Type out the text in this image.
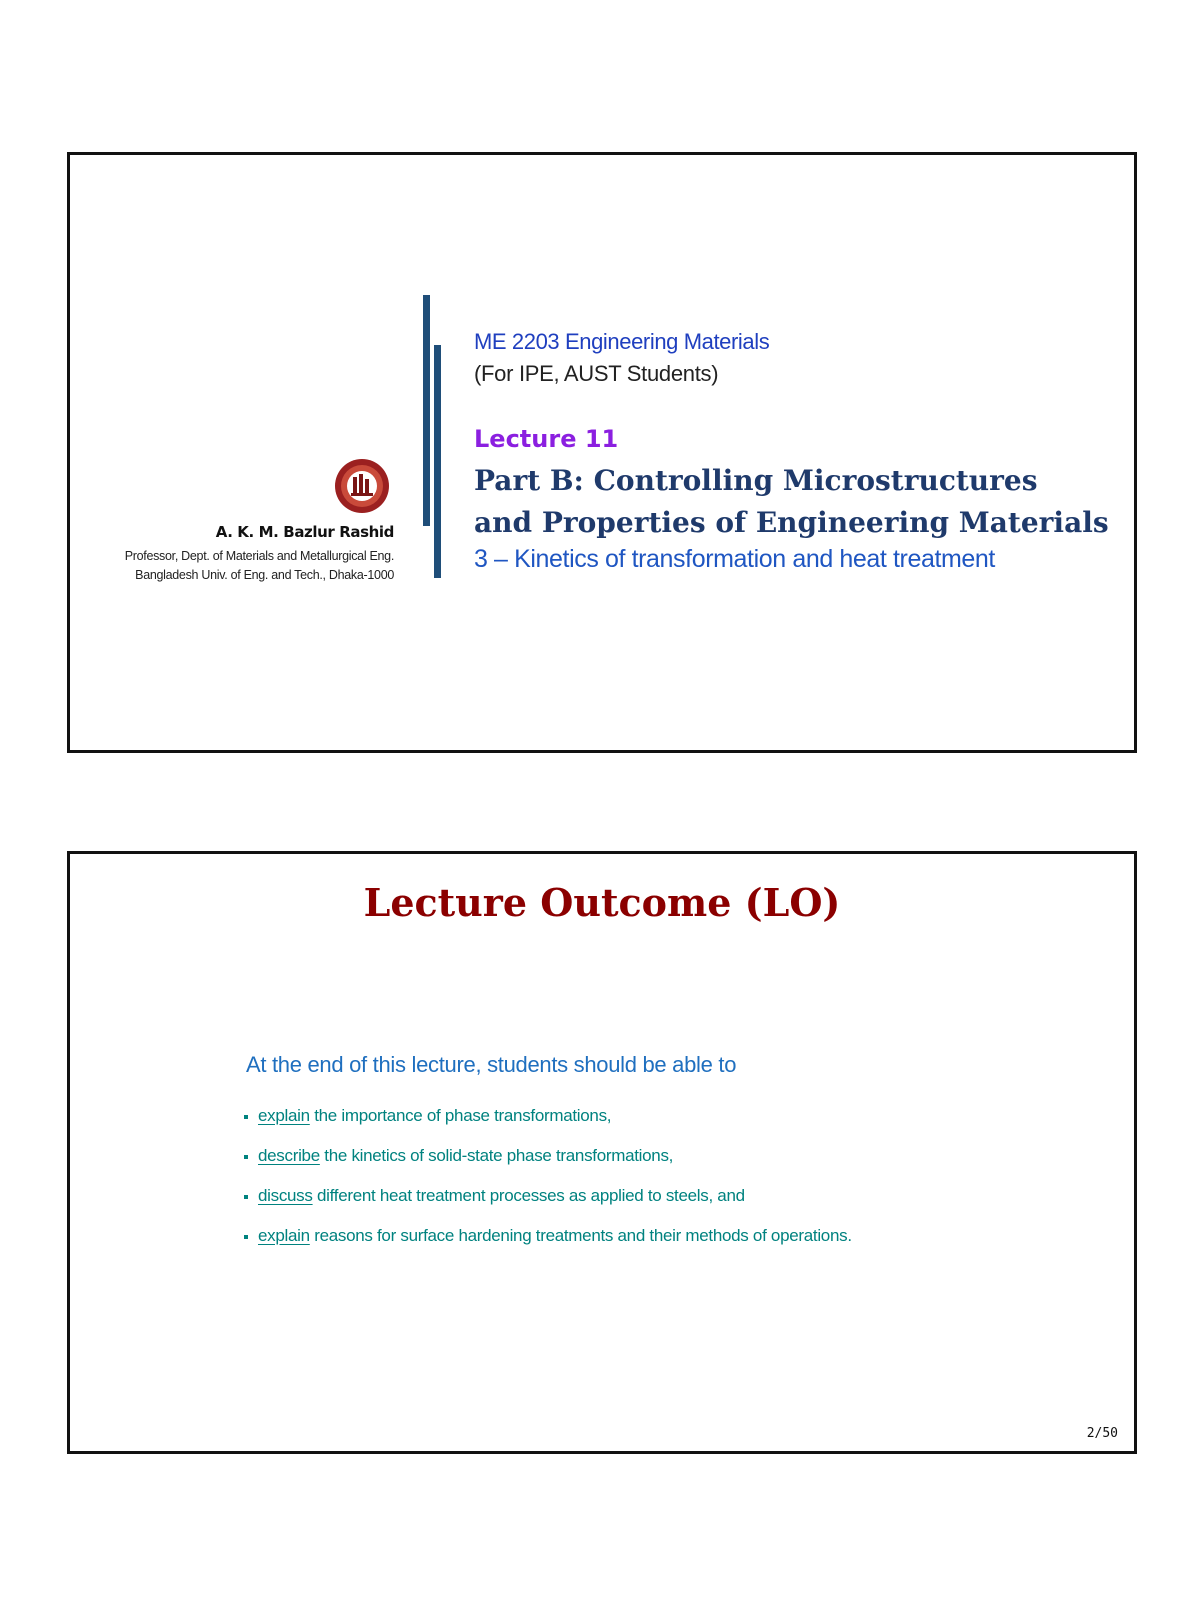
A. K. M. Bazlur Rashid
Professor, Dept. of Materials and Metallurgical Eng.
Bangladesh Univ. of Eng. and Tech., Dhaka-1000
ME 2203 Engineering Materials
(For IPE, AUST Students)
Lecture 11
Part B: Controlling Microstructures
and Properties of Engineering Materials
3 – Kinetics of transformation and heat treatment
Lecture Outcome (LO)
At the end of this lecture, students should be able to
explain the importance of phase transformations,
describe the kinetics of solid-state phase transformations,
discuss different heat treatment processes as applied to steels, and
explain reasons for surface hardening treatments and their methods of operations.
2/50
